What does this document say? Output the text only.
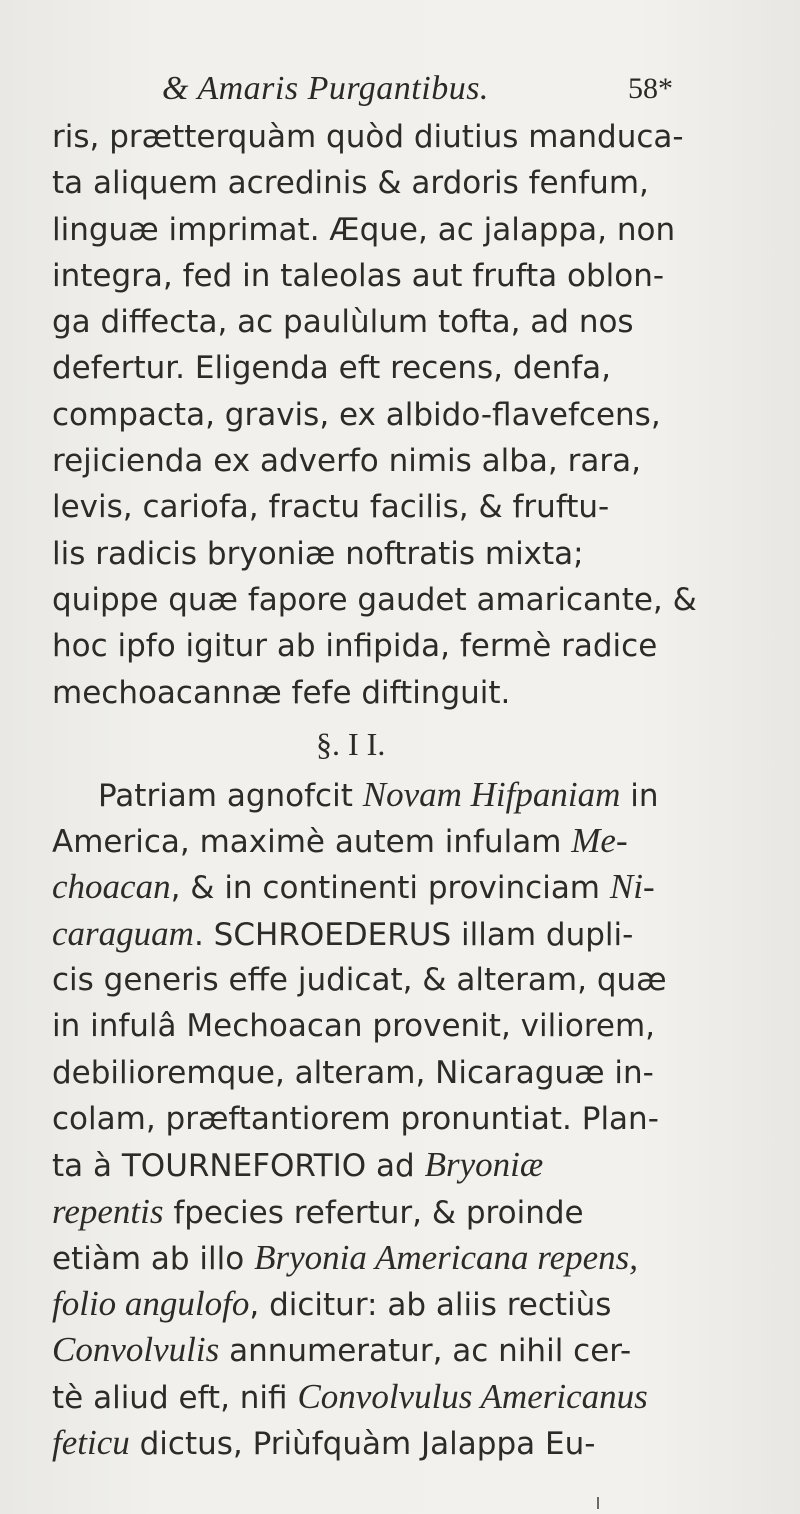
& Amaris Purgantibus.	58*
ris, prætterquàm quòd diutius manduca-
ta aliquem acredinis & ardoris fenfum,
linguæ imprimat. Æque, ac jalappa, non
integra, fed in taleolas aut frufta oblon-
ga diffecta, ac paulùlum tofta, ad nos
defertur. Eligenda eft recens, denfa,
compacta, gravis, ex albido-flavefcens,
rejicienda ex adverfo nimis alba, rara,
levis, cariofa, fractu facilis, & fruftu-
lis radicis bryoniæ noftratis mixta;
quippe quæ fapore gaudet amaricante, &
hoc ipfo igitur ab infipida, fermè radice
mechoacannæ fefe diftinguit.
§. I I.
Patriam agnofcit Novam Hifpaniam in
America, maximè autem infulam Me-
choacan, & in continenti provinciam Ni-
caraguam. SCHROEDERUS illam dupli-
cis generis effe judicat, & alteram, quæ
in infulâ Mechoacan provenit, viliorem,
debilioremque, alteram, Nicaraguæ in-
colam, præftantiorem pronuntiat. Plan-
ta à TOURNEFORTIO ad Bryoniæ
repentis fpecies refertur, & proinde
etiàm ab illo Bryonia Americana repens,
folio angulofo, dicitur: ab aliis rectiùs
Convolvulis annumeratur, ac nihil cer-
tè aliud eft, nifi Convolvulus Americanus
feticu dictus, Priùfquàm Jalappa Eu-
